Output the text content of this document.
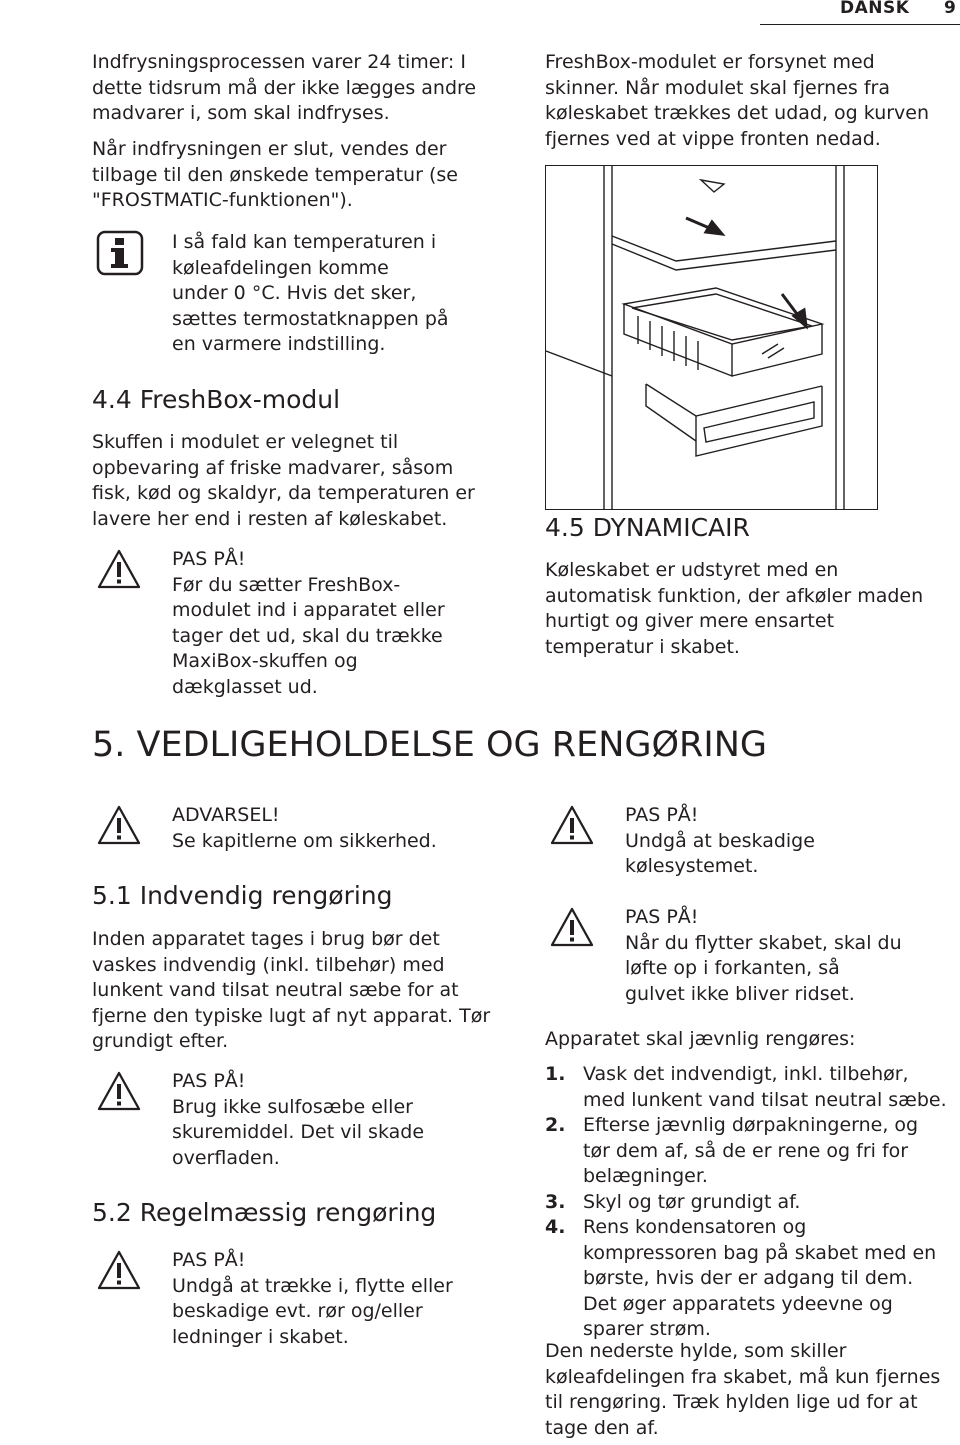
DANSK 9
Indfrysningsprocessen varer 24 timer: I
dette tidsrum må der ikke lægges andre
madvarer i, som skal indfryses.
Når indfrysningen er slut, vendes der
tilbage til den ønskede temperatur (se
"FROSTMATIC-funktionen").
I så fald kan temperaturen i
køleafdelingen komme
under 0 °C. Hvis det sker,
sættes termostatknappen på
en varmere indstilling.
4.4 FreshBox-modul
Skuffen i modulet er velegnet til
opbevaring af friske madvarer, såsom
fisk, kød og skaldyr, da temperaturen er
lavere her end i resten af køleskabet.
PAS PÅ!
Før du sætter FreshBox-
modulet ind i apparatet eller
tager det ud, skal du trække
MaxiBox-skuffen og
dækglasset ud.
FreshBox-modulet er forsynet med
skinner. Når modulet skal fjernes fra
køleskabet trækkes det udad, og kurven
fjernes ved at vippe fronten nedad.
4.5 DYNAMICAIR
Køleskabet er udstyret med en
automatisk funktion, der afkøler maden
hurtigt og giver mere ensartet
temperatur i skabet.
5. VEDLIGEHOLDELSE OG RENGØRING
ADVARSEL!
Se kapitlerne om sikkerhed.
5.1 Indvendig rengøring
Inden apparatet tages i brug bør det
vaskes indvendig (inkl. tilbehør) med
lunkent vand tilsat neutral sæbe for at
fjerne den typiske lugt af nyt apparat. Tør
grundigt efter.
PAS PÅ!
Brug ikke sulfosæbe eller
skuremiddel. Det vil skade
overfladen.
5.2 Regelmæssig rengøring
PAS PÅ!
Undgå at trække i, flytte eller
beskadige evt. rør og/eller
ledninger i skabet.
PAS PÅ!
Undgå at beskadige
kølesystemet.
PAS PÅ!
Når du flytter skabet, skal du
løfte op i forkanten, så
gulvet ikke bliver ridset.
Apparatet skal jævnlig rengøres:
1. Vask det indvendigt, inkl. tilbehør,
med lunkent vand tilsat neutral sæbe.
2. Efterse jævnlig dørpakningerne, og
tør dem af, så de er rene og fri for
belægninger.
3. Skyl og tør grundigt af.
4. Rens kondensatoren og
kompressoren bag på skabet med en
børste, hvis der er adgang til dem.
Det øger apparatets ydeevne og
sparer strøm.
Den nederste hylde, som skiller
køleafdelingen fra skabet, må kun fjernes
til rengøring. Træk hylden lige ud for at
tage den af.
